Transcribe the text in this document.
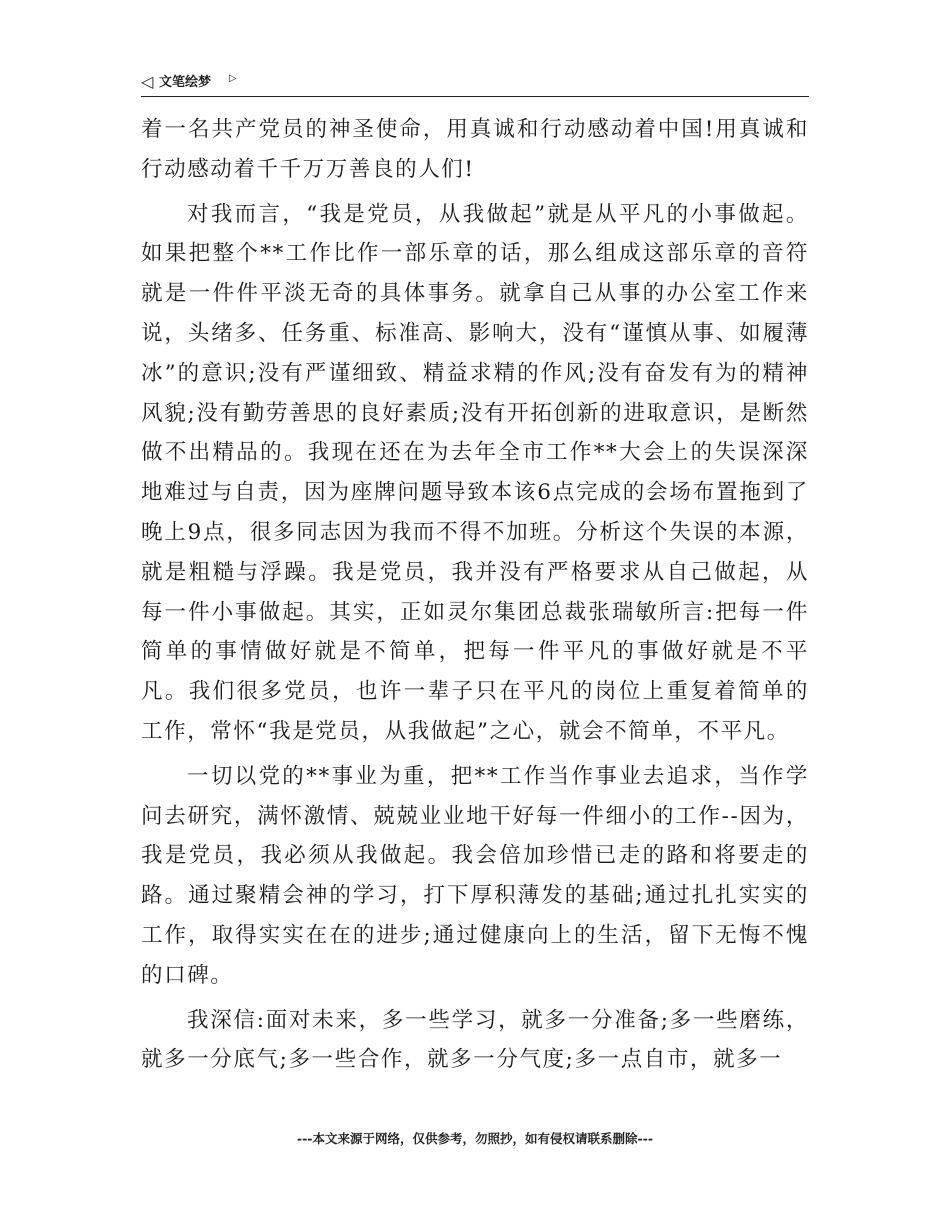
◁ 文笔绘梦 ▷

着一名共产党员的神圣使命，用真诚和行动感动着中国!用真诚和行动感动着千千万万善良的人们!

对我而言，“我是党员，从我做起”就是从平凡的小事做起。如果把整个**工作比作一部乐章的话，那么组成这部乐章的音符就是一件件平淡无奇的具体事务。就拿自己从事的办公室工作来说，头绪多、任务重、标准高、影响大，没有“谨慎从事、如履薄冰”的意识;没有严谨细致、精益求精的作风;没有奋发有为的精神风貌;没有勤劳善思的良好素质;没有开拓创新的进取意识，是断然做不出精品的。我现在还在为去年全市工作**大会上的失误深深地难过与自责，因为座牌问题导致本该6点完成的会场布置拖到了晚上9点，很多同志因为我而不得不加班。分析这个失误的本源，就是粗糙与浮躁。我是党员，我并没有严格要求从自己做起，从每一件小事做起。其实，正如灵尔集团总裁张瑞敏所言:把每一件简单的事情做好就是不简单，把每一件平凡的事做好就是不平凡。我们很多党员，也许一辈子只在平凡的岗位上重复着简单的工作，常怀“我是党员，从我做起”之心，就会不简单，不平凡。

一切以党的**事业为重，把**工作当作事业去追求，当作学问去研究，满怀激情、兢兢业业地干好每一件细小的工作--因为，我是党员，我必须从我做起。我会倍加珍惜已走的路和将要走的路。通过聚精会神的学习，打下厚积薄发的基础;通过扎扎实实的工作，取得实实在在的进步;通过健康向上的生活，留下无悔不愧的口碑。

我深信:面对未来，多一些学习，就多一分准备;多一些磨练，就多一分底气;多一些合作，就多一分气度;多一点自市，就多一

---本文来源于网络，仅供参考，勿照抄，如有侵权请联系删除---
